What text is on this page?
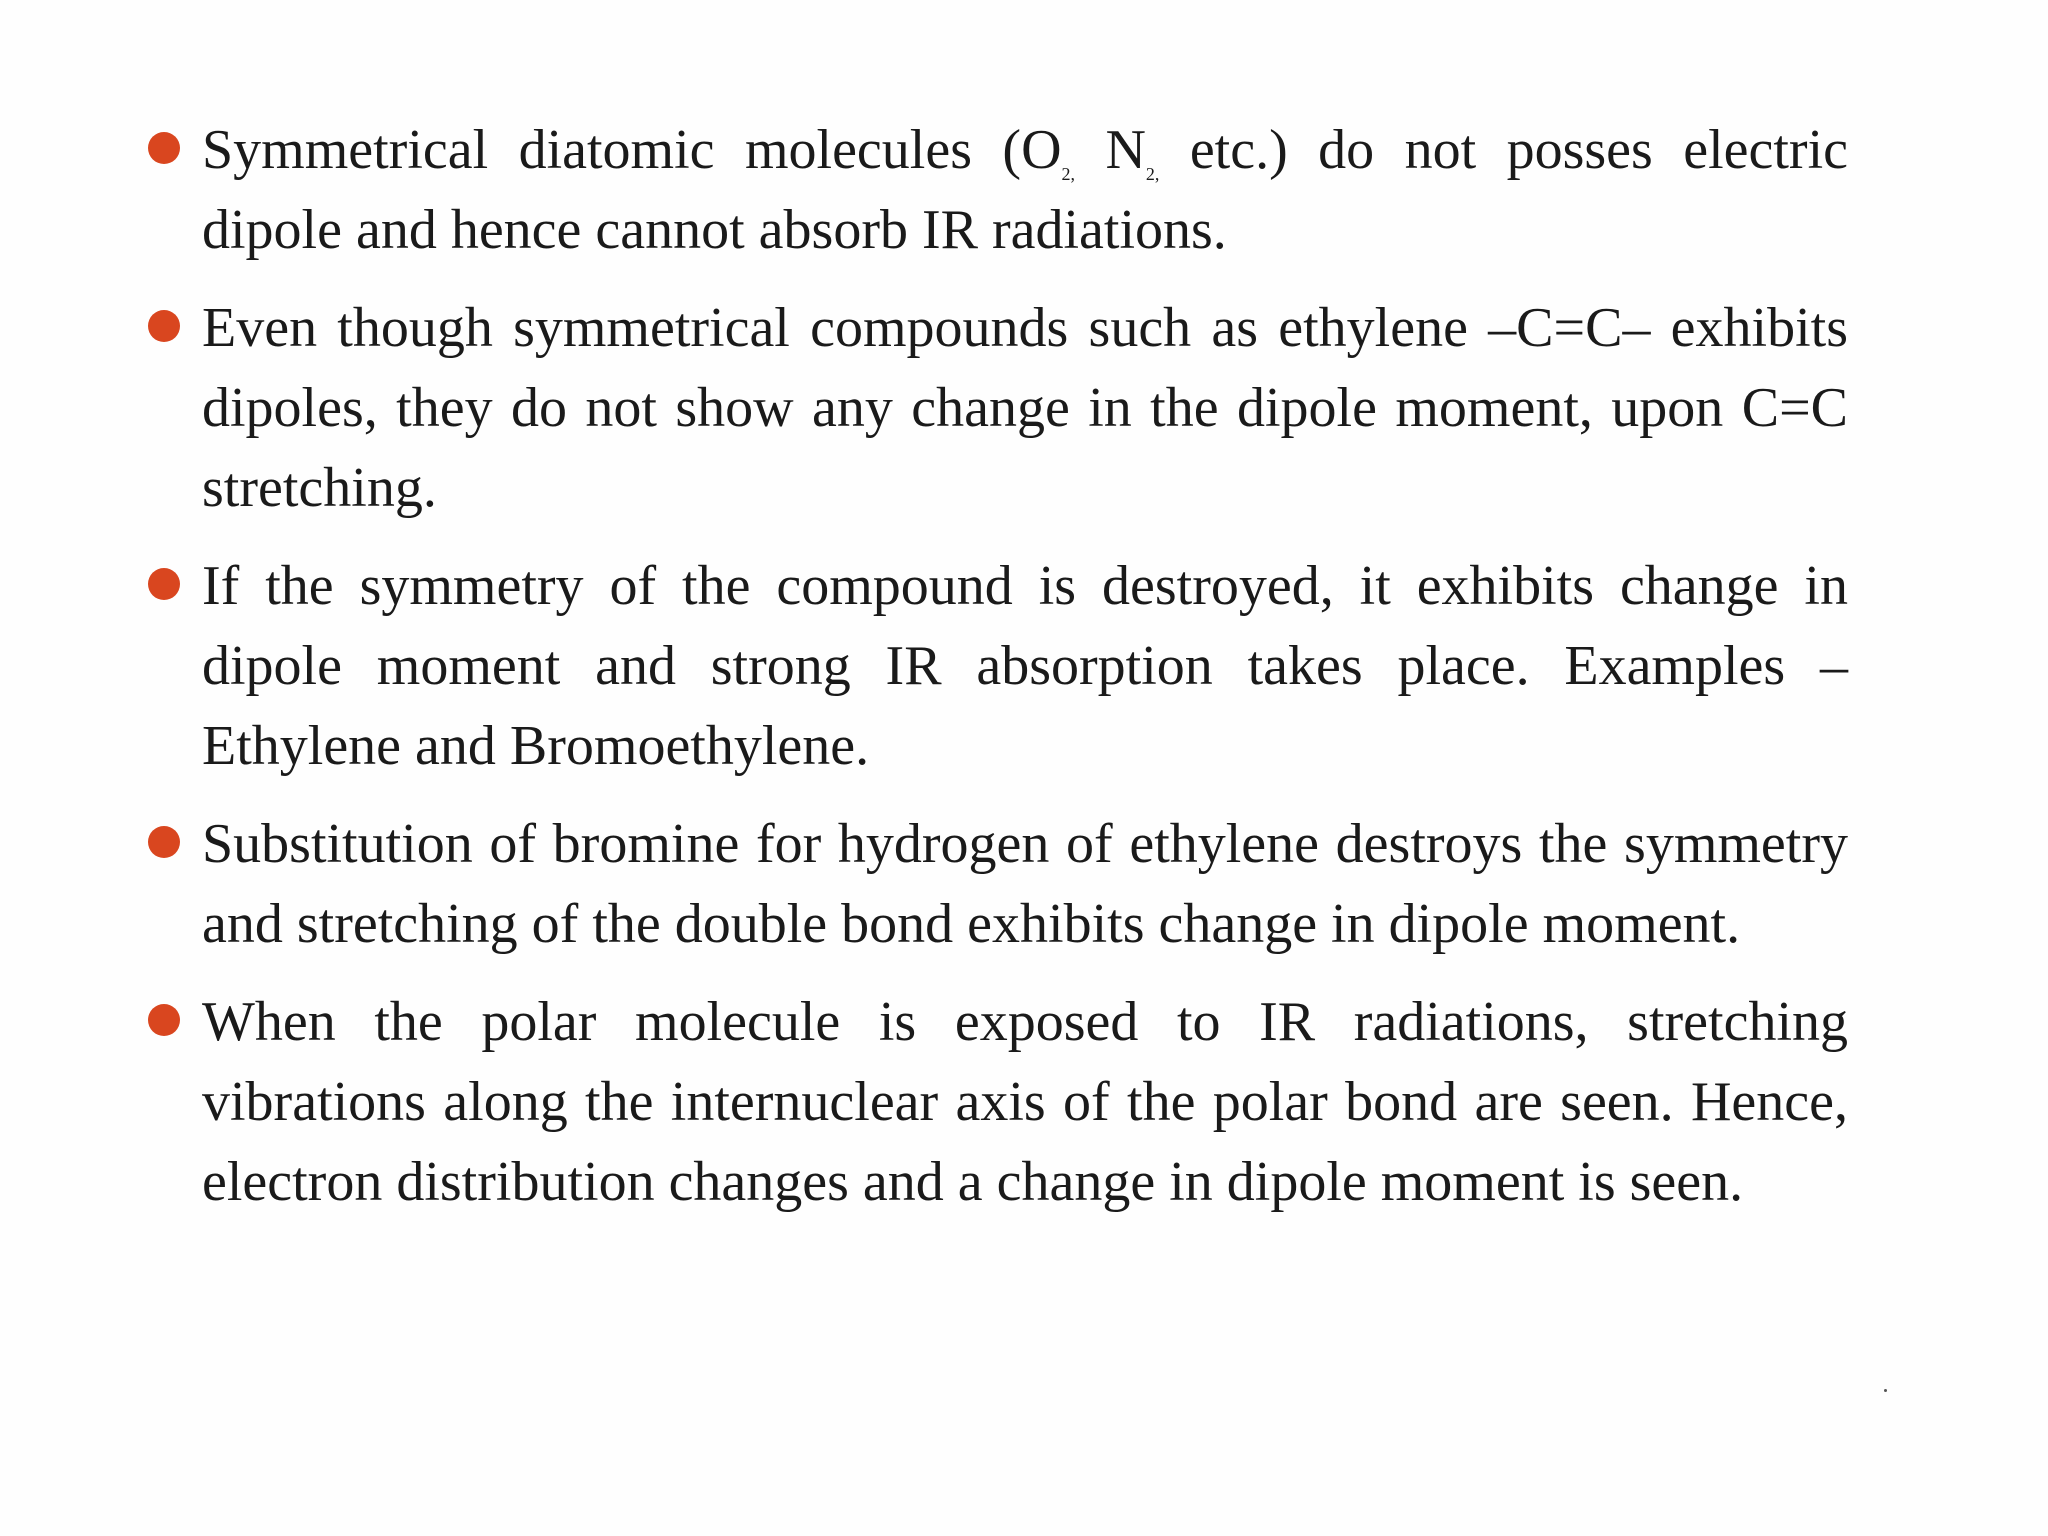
Symmetrical diatomic molecules ($O_{2,}$ $N_{2,}$ etc.) do not posses electric dipole and hence cannot absorb IR radiations.
Even though symmetrical compounds such as ethylene –C=C– exhibits dipoles, they do not show any change in the dipole moment, upon C=C stretching.
If the symmetry of the compound is destroyed, it exhibits change in dipole moment and strong IR absorption takes place. Examples – Ethylene and Bromoethylene.
Substitution of bromine for hydrogen of ethylene destroys the symmetry and stretching of the double bond exhibits change in dipole moment.
When the polar molecule is exposed to IR radiations, stretching vibrations along the internuclear axis of the polar bond are seen. Hence, electron distribution changes and a change in dipole moment is seen.
